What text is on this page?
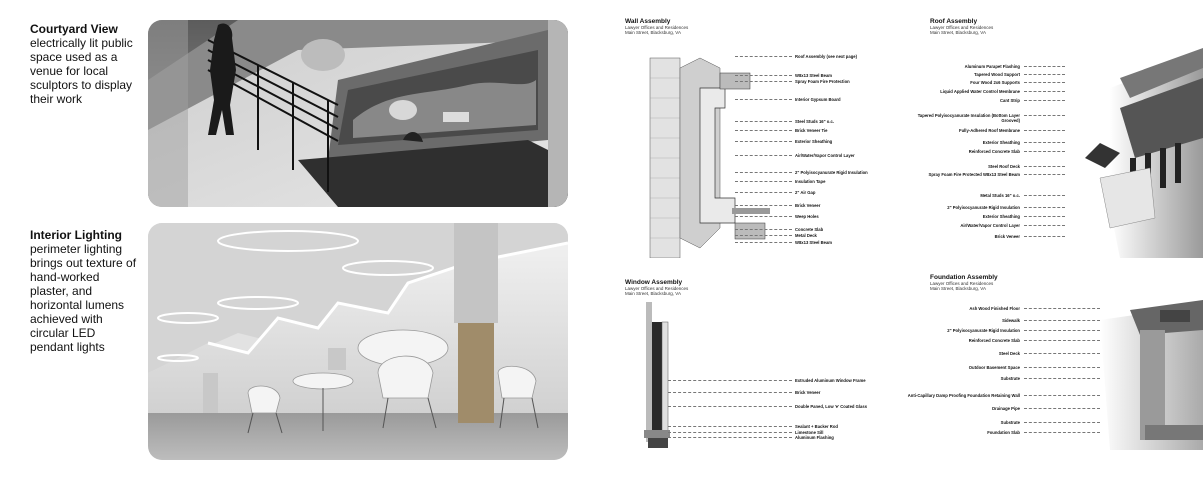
Courtyard View

electrically lit public space used as a venue for local sculptors to display their work

Interior Lighting

perimeter lighting brings out texture of hand-worked plaster, and horizontal lumens achieved with circular LED pendant lights

Wall Assembly
Lawyer Offices and Residences
Main Street, Blacksburg, VA
Roof Assembly (see next page)
W8x13 Steel Beam
Spray Foam Fire Protection
Interior Gypsum Board
Steel Studs 16" o.c.
Brick Veneer Tie
Exterior Sheathing
Air/Water/Vapor Control Layer
2" Polyisocyanurate Rigid Insulation
Insulation Tape
2" Air Gap
Brick Veneer
Weep Holes
Concrete Slab
Metal Deck
W8x13 Steel Beam
Roof Assembly
Lawyer Offices and Residences
Main Street, Blacksburg, VA
Aluminum Parapet Flashing
Tapered Wood Support
Four Wood 2x6 Supports
Liquid Applied Water Control Membrane
Cant Strip
Tapered Polyisocyanurate Insulation (Bottom Layer Grooved)
Fully-Adhered Roof Membrane
Exterior Sheathing
Reinforced Concrete Slab
Steel Roof Deck
Spray Foam Fire Protected W8x13 Steel Beam
Metal Studs 16" o.c.
2" Polyisocyanurate Rigid Insulation
Exterior Sheathing
Air/Water/Vapor Control Layer
Brick Veneer
Window Assembly
Lawyer Offices and Residences
Main Street, Blacksburg, VA
Extruded Aluminum Window Frame
Brick Veneer
Double Paned, Low 'e' Coated Glass
Sealant + Backer Rod
Limestone Sill
Aluminum Flashing
Foundation Assembly
Lawyer Offices and Residences
Main Street, Blacksburg, VA
Ash Wood Finished Floor
Sidewalk
2" Polyisocyanurate Rigid Insulation
Reinforced Concrete Slab
Steel Deck
Outdoor Basement Space
Substrate
Anti-Capillary Damp Proofing Foundation Retaining Wall
Drainage Pipe
Substrate
Foundation Slab
